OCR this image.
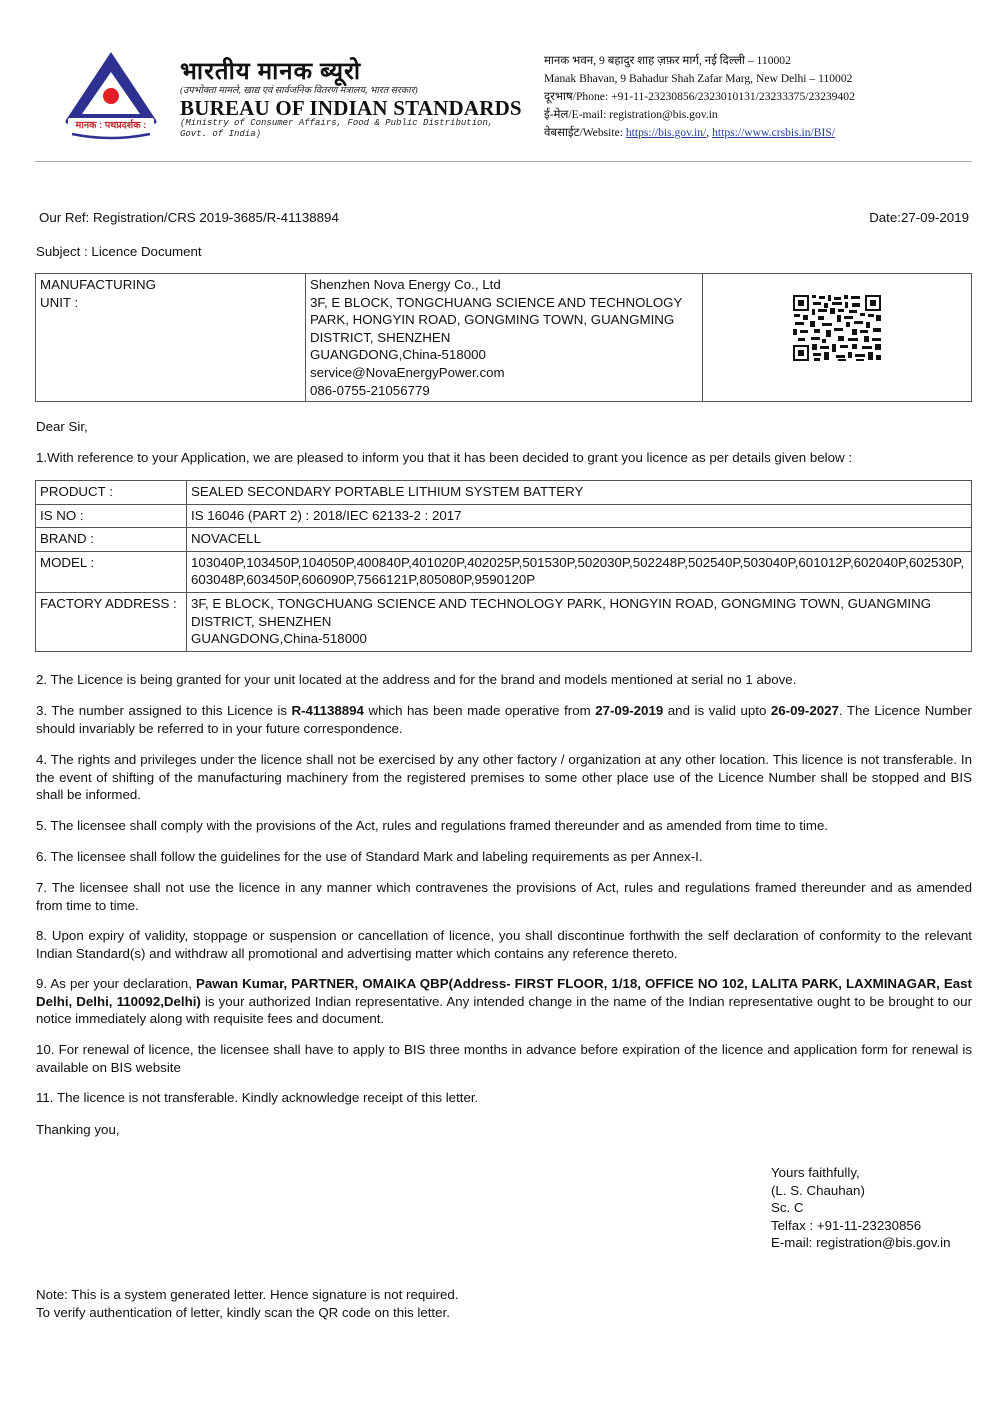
मानक : पथप्रदर्शक :
भारतीय मानक ब्यूरो
(उपभोक्ता मामले, खाद्य एवं सार्वजनिक वितरण मंत्रालय, भारत सरकार)
BUREAU OF INDIAN STANDARDS
(Ministry of Consumer Affairs, Food & Public Distribution, Govt. of India)
मानक भवन, 9 बहादुर शाह ज़फ़र मार्ग, नई दिल्ली – 110002
Manak Bhavan, 9 Bahadur Shah Zafar Marg, New Delhi – 110002
दूरभाष/Phone: +91-11-23230856/2323010131/23233375/23239402
ई-मेल/E-mail: registration@bis.gov.in
वेबसाईट/Website: https://bis.gov.in/, https://www.crsbis.in/BIS/
Our Ref: Registration/CRS 2019-3685/R-41138894	Date:27-09-2019
Subject : Licence Document
MANUFACTURING UNIT :

Shenzhen Nova Energy Co., Ltd
3F, E BLOCK, TONGCHUANG SCIENCE AND TECHNOLOGY
PARK, HONGYIN ROAD, GONGMING TOWN, GUANGMING
DISTRICT, SHENZHEN
GUANGDONG,China-518000
service@NovaEnergyPower.com
086-0755-21056779

Dear Sir,
1.With reference to your Application, we are pleased to inform you that it has been decided to grant you licence as per details given below :
PRODUCT :	SEALED SECONDARY PORTABLE LITHIUM SYSTEM BATTERY
IS NO :	IS 16046 (PART 2) : 2018/IEC 62133-2 : 2017
BRAND :	NOVACELL
MODEL :	103040P,103450P,104050P,400840P,401020P,402025P,501530P,502030P,502248P,502540P,503040P,601012P,602040P,602530P,603048P,603450P,606090P,7566121P,805080P,9590120P
FACTORY ADDRESS :	3F, E BLOCK, TONGCHUANG SCIENCE AND TECHNOLOGY PARK, HONGYIN ROAD, GONGMING TOWN, GUANGMING DISTRICT, SHENZHEN
GUANGDONG,China-518000
2. The Licence is being granted for your unit located at the address and for the brand and models mentioned at serial no 1 above.
3. The number assigned to this Licence is R-41138894 which has been made operative from 27-09-2019 and is valid upto 26-09-2027. The Licence Number should invariably be referred to in your future correspondence.
4. The rights and privileges under the licence shall not be exercised by any other factory / organization at any other location. This licence is not transferable. In the event of shifting of the manufacturing machinery from the registered premises to some other place use of the Licence Number shall be stopped and BIS shall be informed.
5. The licensee shall comply with the provisions of the Act, rules and regulations framed thereunder and as amended from time to time.
6. The licensee shall follow the guidelines for the use of Standard Mark and labeling requirements as per Annex-I.
7. The licensee shall not use the licence in any manner which contravenes the provisions of Act, rules and regulations framed thereunder and as amended from time to time.
8. Upon expiry of validity, stoppage or suspension or cancellation of licence, you shall discontinue forthwith the self declaration of conformity to the relevant Indian Standard(s) and withdraw all promotional and advertising matter which contains any reference thereto.
9. As per your declaration, Pawan Kumar, PARTNER, OMAIKA QBP(Address- FIRST FLOOR, 1/18, OFFICE NO 102, LALITA PARK, LAXMINAGAR, East Delhi, Delhi, 110092,Delhi) is your authorized Indian representative. Any intended change in the name of the Indian representative ought to be brought to our notice immediately along with requisite fees and document.
10. For renewal of licence, the licensee shall have to apply to BIS three months in advance before expiration of the licence and application form for renewal is available on BIS website
11. The licence is not transferable. Kindly acknowledge receipt of this letter.
Thanking you,
Yours faithfully,
(L. S. Chauhan)
Sc. C
Telfax : +91-11-23230856
E-mail: registration@bis.gov.in
Note: This is a system generated letter. Hence signature is not required.
To verify authentication of letter, kindly scan the QR code on this letter.
